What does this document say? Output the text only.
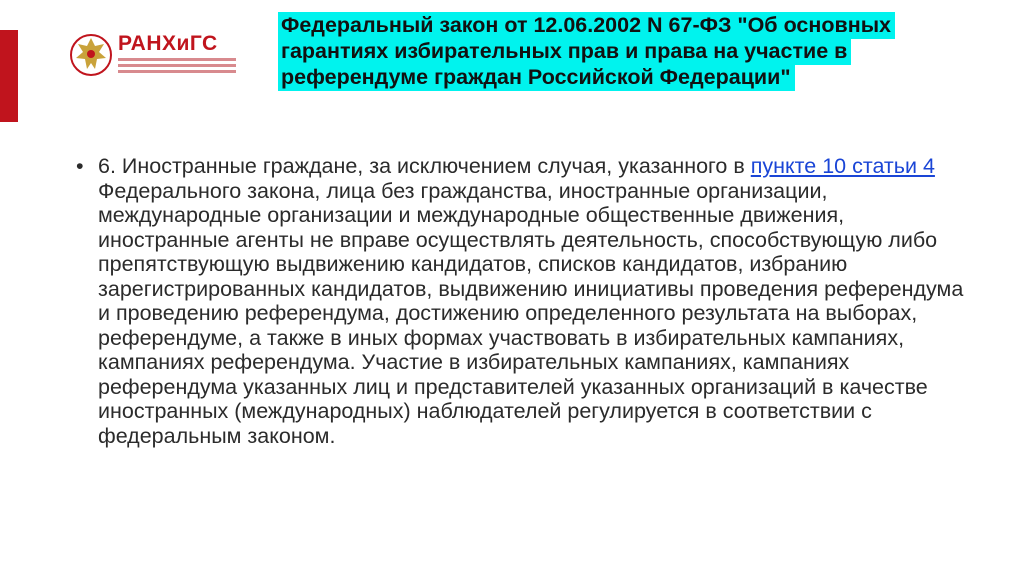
РАНХиГС
Федеральный закон от 12.06.2002 N 67-ФЗ "Об основных гарантиях избирательных прав и права на участие в референдуме граждан Российской Федерации"
• 6. Иностранные граждане, за исключением случая, указанного в пункте 10 статьи 4 Федерального закона, лица без гражданства, иностранные организации, международные организации и международные общественные движения, иностранные агенты не вправе осуществлять деятельность, способствующую либо препятствующую выдвижению кандидатов, списков кандидатов, избранию зарегистрированных кандидатов, выдвижению инициативы проведения референдума и проведению референдума, достижению определенного результата на выборах, референдуме, а также в иных формах участвовать в избирательных кампаниях, кампаниях референдума. Участие в избирательных кампаниях, кампаниях референдума указанных лиц и представителей указанных организаций в качестве иностранных (международных) наблюдателей регулируется в соответствии с федеральным законом.
